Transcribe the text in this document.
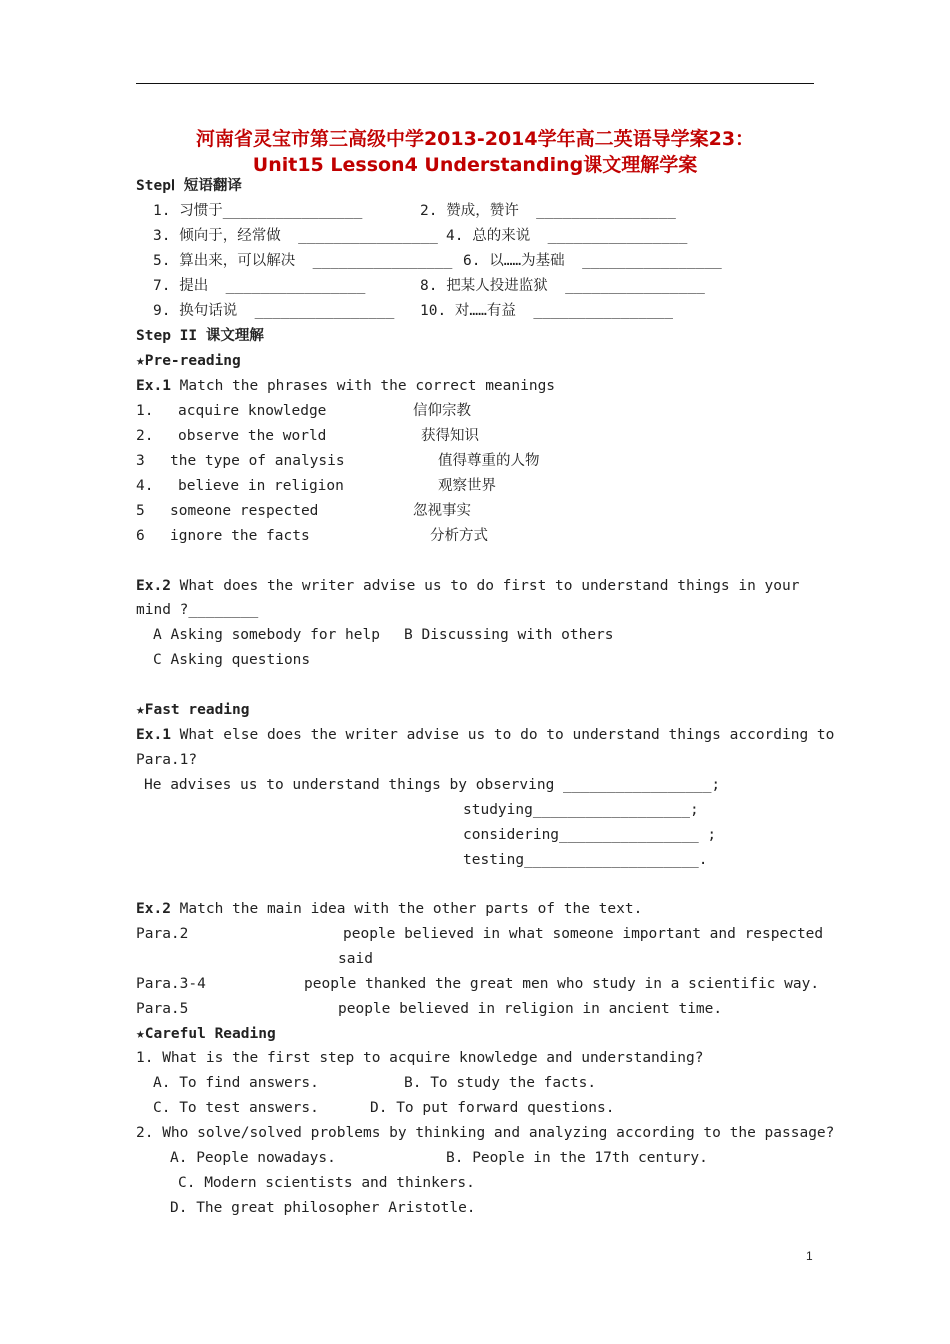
河南省灵宝市第三高级中学2013-2014学年高二英语导学案23：
Unit15 Lesson4 Understanding课文理解学案
StepⅠ 短语翻译
1. 习惯于________________	2. 赞成，赞许  ________________
3. 倾向于，经常做  ________________ 4. 总的来说  ________________
5. 算出来，可以解决  ________________ 6. 以……为基础  ________________
7. 提出  ________________	8. 把某人投进监狱  ________________
9. 换句话说  ________________ 10. 对……有益  ________________
Step II 课文理解
★Pre-reading
Ex.1 Match the phrases with the correct meanings
1. acquire knowledge	信仰宗教
2. observe the world	获得知识
3 the type of analysis	值得尊重的人物
4. believe in religion	观察世界
5 someone respected	忽视事实
6 ignore the facts	分析方式
Ex.2 What does the writer advise us to do first to understand things in your
mind ?________
A Asking somebody for help B Discussing with others
C Asking questions
★Fast reading
Ex.1 What else does the writer advise us to do to understand things according to
Para.1?
He advises us to understand things by observing _________________;
studying__________________;
considering________________ ;
testing____________________.
Ex.2 Match the main idea with the other parts of the text.
Para.2	people believed in what someone important and respected
said
Para.3-4	people thanked the great men who study in a scientific way.
Para.5	people believed in religion in ancient time.
★Careful Reading
1. What is the first step to acquire knowledge and understanding?
A. To find answers.	B. To study the facts.
C. To test answers.	D. To put forward questions.
2. Who solve/solved problems by thinking and analyzing according to the passage?
A. People nowadays.	B. People in the 17th century.
C. Modern scientists and thinkers.
D. The great philosopher Aristotle.
1
